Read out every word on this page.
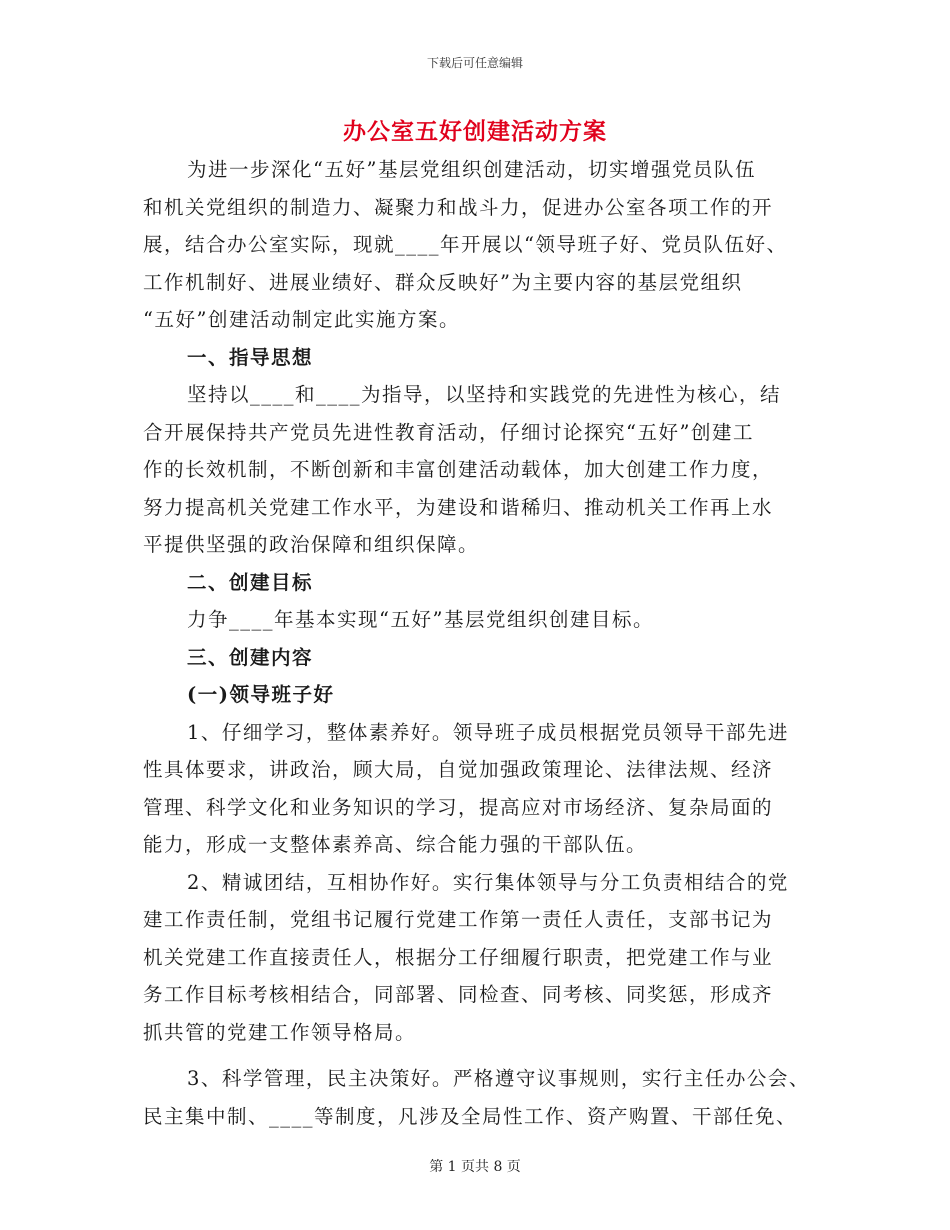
下载后可任意编辑
办公室五好创建活动方案
为进一步深化“五好”基层党组织创建活动，切实增强党员队伍
和机关党组织的制造力、凝聚力和战斗力，促进办公室各项工作的开
展，结合办公室实际，现就____年开展以“领导班子好、党员队伍好、
工作机制好、进展业绩好、群众反映好”为主要内容的基层党组织
“五好”创建活动制定此实施方案。
一、指导思想
坚持以____和____为指导，以坚持和实践党的先进性为核心，结
合开展保持共产党员先进性教育活动，仔细讨论探究“五好”创建工
作的长效机制，不断创新和丰富创建活动载体，加大创建工作力度，
努力提高机关党建工作水平，为建设和谐稀归、推动机关工作再上水
平提供坚强的政治保障和组织保障。
二、创建目标
力争____年基本实现“五好”基层党组织创建目标。
三、创建内容
(一)领导班子好
1、仔细学习，整体素养好。领导班子成员根据党员领导干部先进
性具体要求，讲政治，顾大局，自觉加强政策理论、法律法规、经济
管理、科学文化和业务知识的学习，提高应对市场经济、复杂局面的
能力，形成一支整体素养高、综合能力强的干部队伍。
2、精诚团结，互相协作好。实行集体领导与分工负责相结合的党
建工作责任制，党组书记履行党建工作第一责任人责任，支部书记为
机关党建工作直接责任人，根据分工仔细履行职责，把党建工作与业
务工作目标考核相结合，同部署、同检查、同考核、同奖惩，形成齐
抓共管的党建工作领导格局。
3、科学管理，民主决策好。严格遵守议事规则，实行主任办公会、
民主集中制、____等制度，凡涉及全局性工作、资产购置、干部任免、
第 1 页共 8 页
